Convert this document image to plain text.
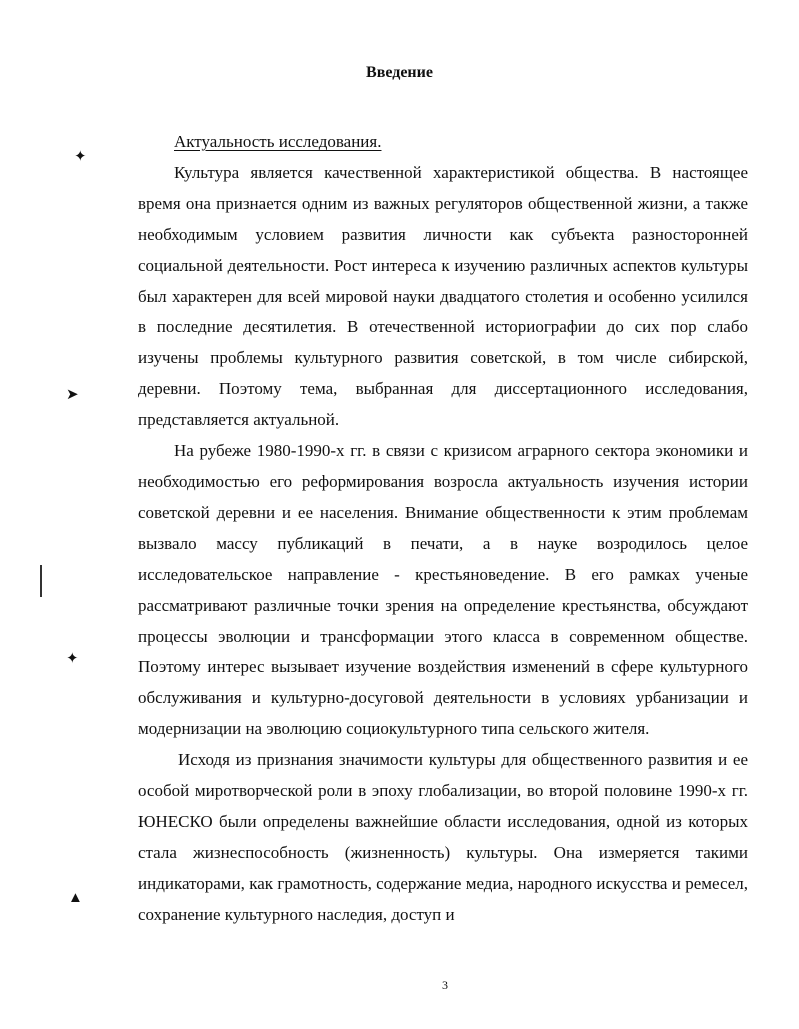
Введение

Актуальность исследования.

Культура является качественной характеристикой общества. В настоящее время она признается одним из важных регуляторов общественной жизни, а также необходимым условием развития личности как субъекта разносторонней социальной деятельности. Рост интереса к изучению различных аспектов культуры был характерен для всей мировой науки двадцатого столетия и особенно усилился в последние десятилетия. В отечественной историографии до сих пор слабо изучены проблемы культурного развития советской, в том числе сибирской, деревни. Поэтому тема, выбранная для диссертационного исследования, представляется актуальной.

На рубеже 1980-1990-х гг. в связи с кризисом аграрного сектора экономики и необходимостью его реформирования возросла актуальность изучения истории советской деревни и ее населения. Внимание общественности к этим проблемам вызвало массу публикаций в печати, а в науке возродилось целое исследовательское направление - крестьяноведение. В его рамках ученые рассматривают различные точки зрения на определение крестьянства, обсуждают процессы эволюции и трансформации этого класса в современном обществе. Поэтому интерес вызывает изучение воздействия изменений в сфере культурного обслуживания и культурно-досуговой деятельности в условиях урбанизации и модернизации на эволюцию социокультурного типа сельского жителя.

Исходя из признания значимости культуры для общественного развития и ее особой миротворческой роли в эпоху глобализации, во второй половине 1990-х гг. ЮНЕСКО были определены важнейшие области исследования, одной из которых стала жизнеспособность (жизненность) культуры. Она измеряется такими индикаторами, как грамотность, содержание медиа, народного искусства и ремесел, сохранение культурного наследия, доступ и

✦
➤
✦
▲
3
